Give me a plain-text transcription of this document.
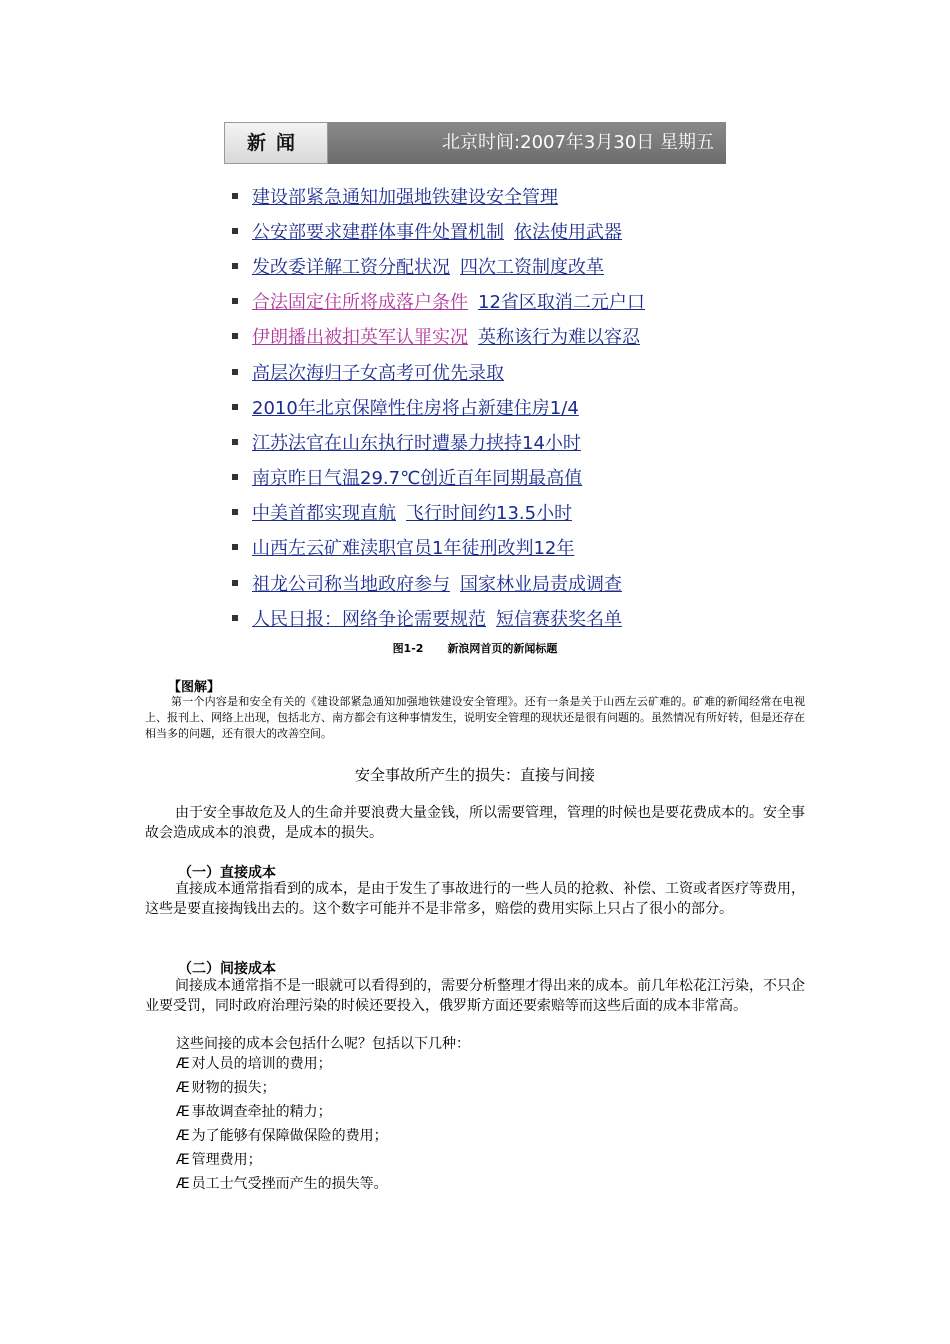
新闻	北京时间:2007年3月30日 星期五
建设部紧急通知加强地铁建设安全管理
公安部要求建群体事件处置机制 依法使用武器
发改委详解工资分配状况 四次工资制度改革
合法固定住所将成落户条件 12省区取消二元户口
伊朗播出被扣英军认罪实况 英称该行为难以容忍
高层次海归子女高考可优先录取
2010年北京保障性住房将占新建住房1/4
江苏法官在山东执行时遭暴力挟持14小时
南京昨日气温29.7℃创近百年同期最高值
中美首都实现直航 飞行时间约13.5小时
山西左云矿难渎职官员1年徒刑改判12年
祖龙公司称当地政府参与 国家林业局责成调查
人民日报：网络争论需要规范 短信赛获奖名单
图1-2 新浪网首页的新闻标题
【图解】
第一个内容是和安全有关的《建设部紧急通知加强地铁建设安全管理》。还有一条是关于山西左云矿难的。矿难的新闻经常在电视上、报刊上、网络上出现，包括北方、南方都会有这种事情发生，说明安全管理的现状还是很有问题的。虽然情况有所好转，但是还存在相当多的问题，还有很大的改善空间。
安全事故所产生的损失：直接与间接
由于安全事故危及人的生命并要浪费大量金钱，所以需要管理，管理的时候也是要花费成本的。安全事故会造成成本的浪费，是成本的损失。
（一）直接成本
直接成本通常指看到的成本，是由于发生了事故进行的一些人员的抢救、补偿、工资或者医疗等费用，这些是要直接掏钱出去的。这个数字可能并不是非常多，赔偿的费用实际上只占了很小的部分。
（二）间接成本
间接成本通常指不是一眼就可以看得到的，需要分析整理才得出来的成本。前几年松花江污染，不只企业要受罚，同时政府治理污染的时候还要投入，俄罗斯方面还要索赔等而这些后面的成本非常高。
这些间接的成本会包括什么呢？包括以下几种：
Æ 对人员的培训的费用；
Æ 财物的损失；
Æ 事故调查牵扯的精力；
Æ 为了能够有保障做保险的费用；
Æ 管理费用；
Æ 员工士气受挫而产生的损失等。
